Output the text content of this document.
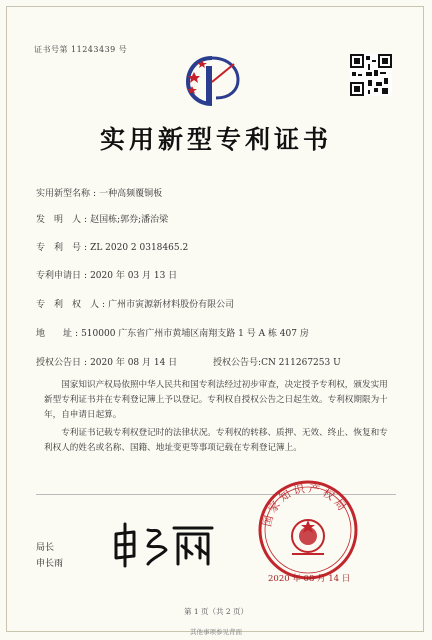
证书号第 11243439 号
实用新型专利证书
实用新型名称 : 一种高频覆铜板
发　明　人 : 赵国栋;郭券;潘治梁
专　利　号 : ZL 2020 2 0318465.2
专利申请日 : 2020 年 03 月 13 日
专　利　权　人 : 广州市寅源新材料股份有限公司
地　　址 : 510000 广东省广州市黄埔区南翔支路 1 号 A 栋 407 房
授权公告日 : 2020 年 08 月 14 日	授权公告号:CN 211267253 U
国家知识产权局依照中华人民共和国专利法经过初步审查，决定授予专利权，颁发实用新型专利证书并在专利登记簿上予以登记。专利权自授权公告之日起生效。专利权期限为十年，自申请日起算。
专利证书记载专利权登记时的法律状况。专利权的转移、质押、无效、终止、恢复和专利权人的姓名或名称、国籍、地址变更等事项记载在专利登记簿上。
局长
申长雨
国家知识产权局
2020 年 08 月 14 日
第 1 页（共 2 页）
其他事项参见背面
